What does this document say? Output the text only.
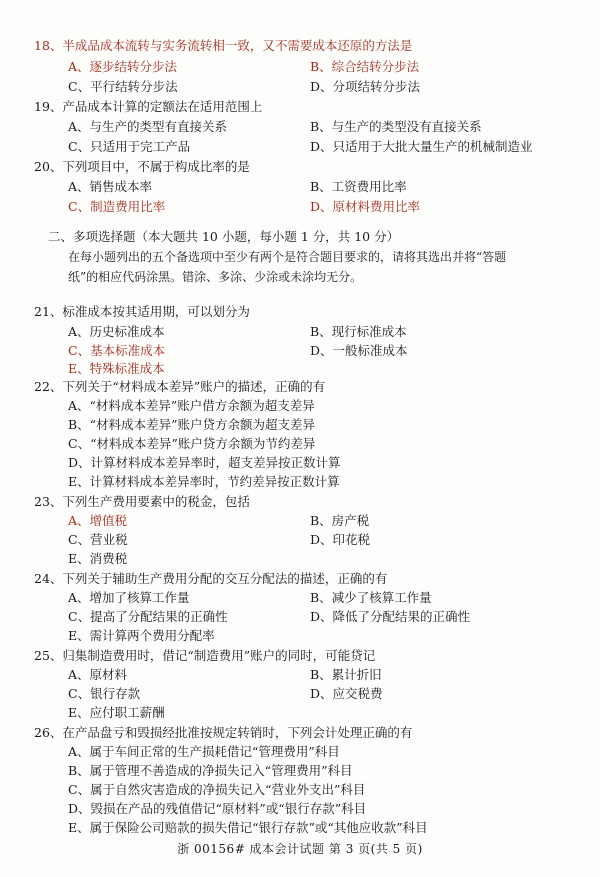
18、半成品成本流转与实务流转相一致，又不需要成本还原的方法是
A、逐步结转分步法	B、综合结转分步法
C、平行结转分步法	D、分项结转分步法
19、产品成本计算的定额法在适用范围上
A、与生产的类型有直接关系	B、与生产的类型没有直接关系
C、只适用于完工产品	D、只适用于大批大量生产的机械制造业
20、下列项目中，不属于构成比率的是
A、销售成本率	B、工资费用比率
C、制造费用比率	D、原材料费用比率
二、多项选择题（本大题共 10 小题，每小题 1 分，共 10 分）
在每小题列出的五个备选项中至少有两个是符合题目要求的，请将其选出并将“答题
纸”的相应代码涂黑。错涂、多涂、少涂或未涂均无分。
21、标准成本按其适用期，可以划分为
A、历史标准成本	B、现行标准成本
C、基本标准成本	D、一般标准成本
E、特殊标准成本
22、下列关于“材料成本差异”账户的描述，正确的有
A、“材料成本差异”账户借方余额为超支差异
B、“材料成本差异”账户贷方余额为超支差异
C、“材料成本差异”账户贷方余额为节约差异
D、计算材料成本差异率时，超支差异按正数计算
E、计算材料成本差异率时，节约差异按正数计算
23、下列生产费用要素中的税金，包括
A、增值税	B、房产税
C、营业税	D、印花税
E、消费税
24、下列关于辅助生产费用分配的交互分配法的描述，正确的有
A、增加了核算工作量	B、减少了核算工作量
C、提高了分配结果的正确性	D、降低了分配结果的正确性
E、需计算两个费用分配率
25、归集制造费用时，借记“制造费用”账户的同时，可能贷记
A、原材料	B、累计折旧
C、银行存款	D、应交税费
E、应付职工薪酬
26、在产品盘亏和毁损经批准按规定转销时，下列会计处理正确的有
A、属于车间正常的生产损耗借记“管理费用”科目
B、属于管理不善造成的净损失记入“管理费用”科目
C、属于自然灾害造成的净损失记入“营业外支出”科目
D、毁损在产品的残值借记“原材料”或“银行存款”科目
E、属于保险公司赔款的损失借记“银行存款”或“其他应收款”科目
浙 00156# 成本会计试题 第 3 页(共 5 页)
